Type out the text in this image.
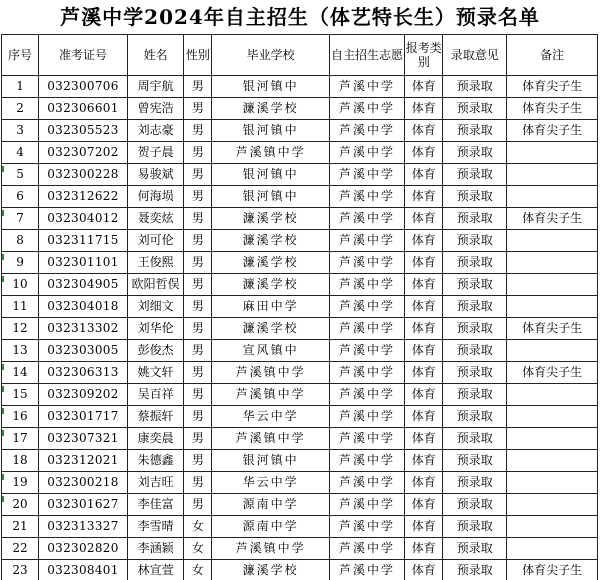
芦溪中学2024年自主招生（体艺特长生）预录名单
序号	准考证号	姓名	性别	毕业学校	自主招生志愿	报考类别	录取意见	备注
1	032300706	周宇航	男	银河镇中	芦溪中学	体育	预录取	体育尖子生
2	032306601	曾宪浩	男	濂溪学校	芦溪中学	体育	预录取	体育尖子生
3	032305523	刘志豪	男	银河镇中	芦溪中学	体育	预录取	体育尖子生
4	032307202	贺子晨	男	芦溪镇中学	芦溪中学	体育	预录取	
5	032300228	易骏斌	男	银河镇中	芦溪中学	体育	预录取	
6	032312622	何海埙	男	银河镇中	芦溪中学	体育	预录取	
7	032304012	聂奕炫	男	濂溪学校	芦溪中学	体育	预录取	体育尖子生
8	032311715	刘可伦	男	濂溪学校	芦溪中学	体育	预录取	
9	032301101	王俊熙	男	濂溪学校	芦溪中学	体育	预录取	
10	032304905	欧阳哲俣	男	濂溪学校	芦溪中学	体育	预录取	
11	032304018	刘细文	男	麻田中学	芦溪中学	体育	预录取	
12	032313302	刘华伦	男	濂溪学校	芦溪中学	体育	预录取	体育尖子生
13	032303005	彭俊杰	男	宣风镇中	芦溪中学	体育	预录取	
14	032306313	姚文轩	男	芦溪镇中学	芦溪中学	体育	预录取	体育尖子生
15	032309202	吴百祥	男	芦溪镇中学	芦溪中学	体育	预录取	
16	032301717	蔡振轩	男	华云中学	芦溪中学	体育	预录取	
17	032307321	康奕晨	男	芦溪镇中学	芦溪中学	体育	预录取	
18	032312021	朱德鑫	男	银河镇中	芦溪中学	体育	预录取	
19	032300218	刘吉旺	男	华云中学	芦溪中学	体育	预录取	
20	032301627	李佳富	男	源南中学	芦溪中学	体育	预录取	
21	032313327	李雪晴	女	源南中学	芦溪中学	体育	预录取	
22	032302820	李涵颖	女	芦溪镇中学	芦溪中学	体育	预录取	
23	032308401	林宣萱	女	濂溪学校	芦溪中学	体育	预录取	体育尖子生
